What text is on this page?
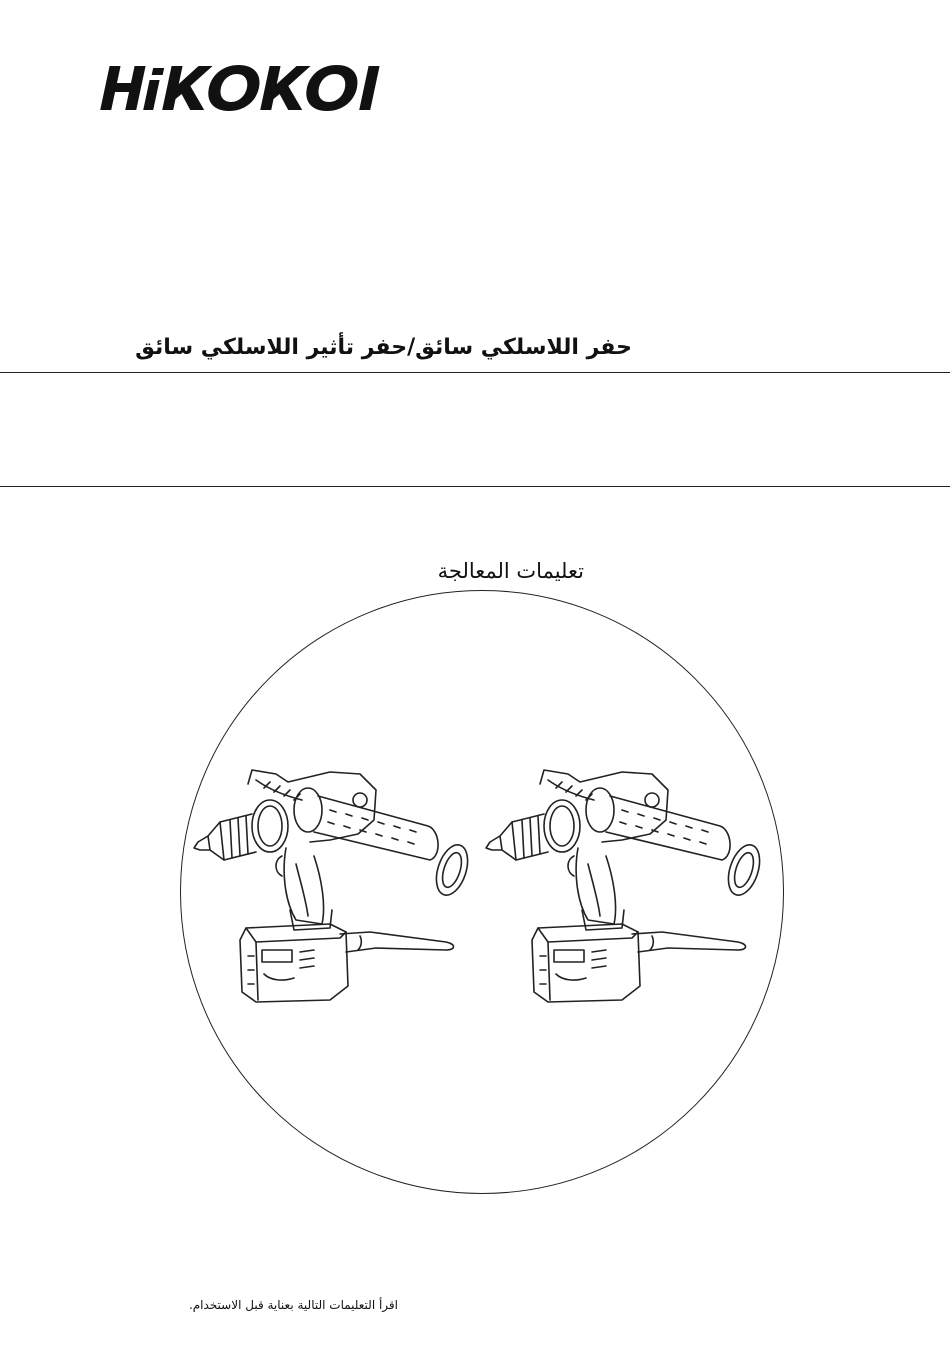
حفر اللاسلكي سائق/حفر تأثير اللاسلكي سائق
تعليمات المعالجة
اقرأ التعليمات التالية بعناية قبل الاستخدام.
